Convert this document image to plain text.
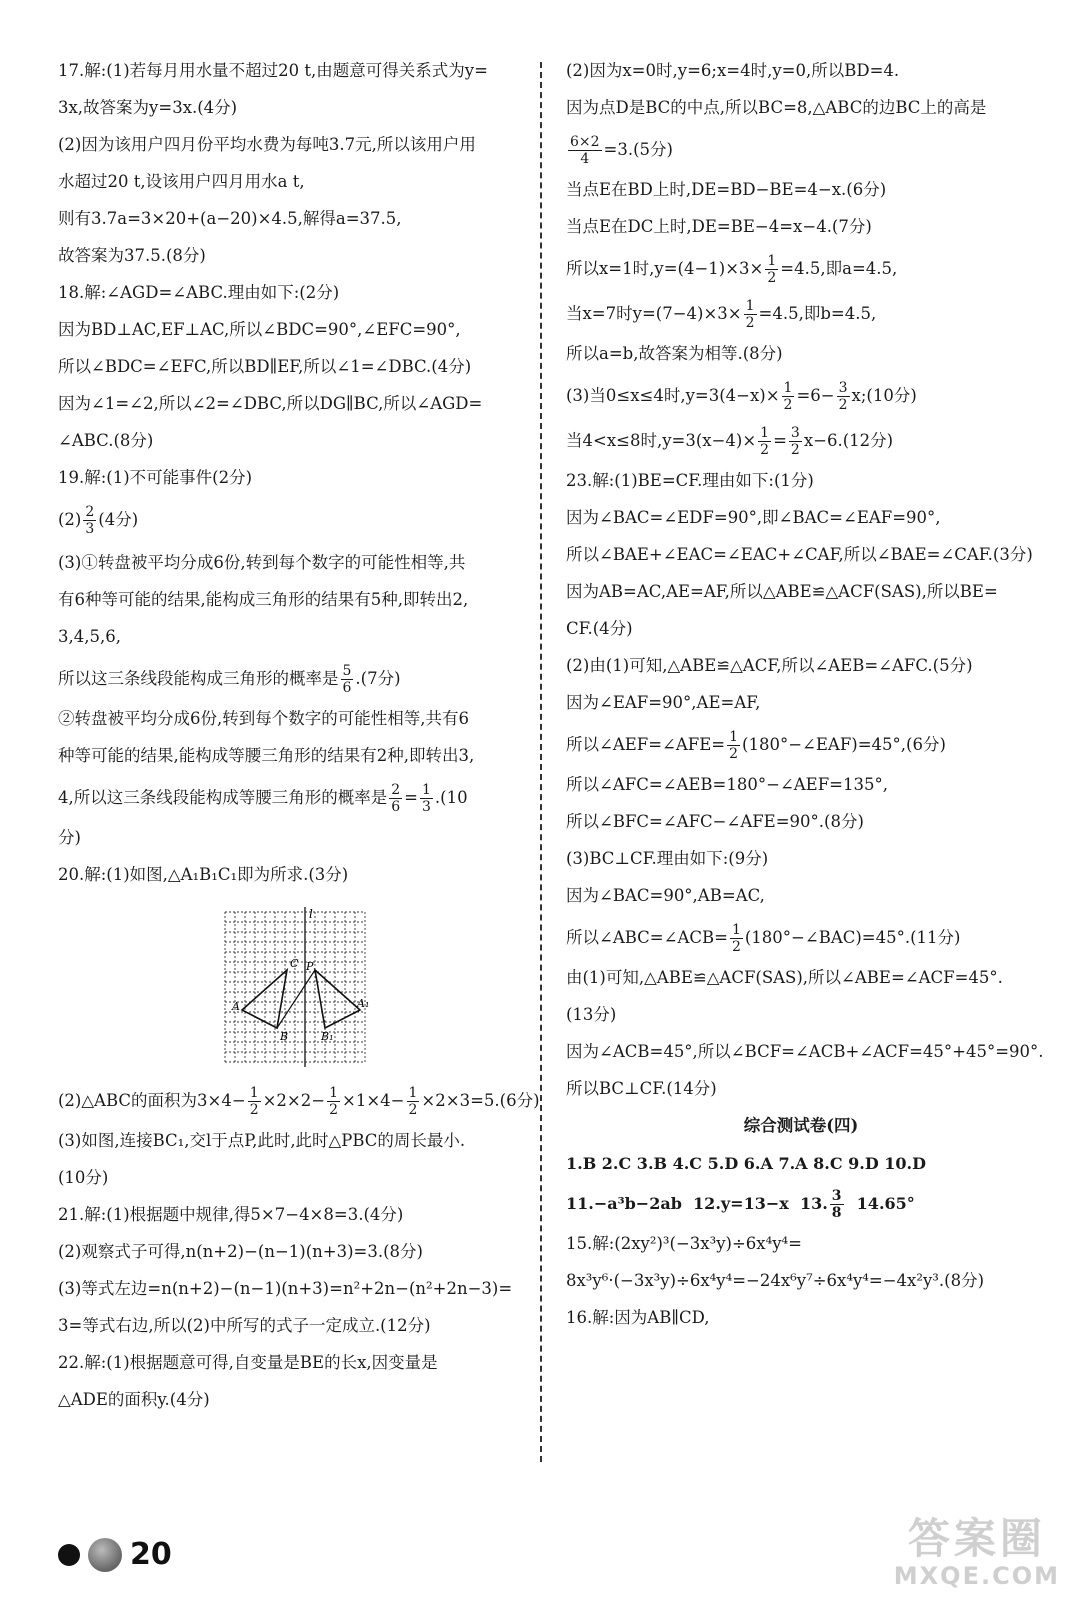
17.解:(1)若每月用水量不超过20 t,由题意可得关系式为y=
3x,故答案为y=3x.(4分)
(2)因为该用户四月份平均水费为每吨3.7元,所以该用户用
水超过20 t,设该用户四月用水a t,
则有3.7a=3×20+(a−20)×4.5,解得a=37.5,
故答案为37.5.(8分)
18.解:∠AGD=∠ABC.理由如下:(2分)
因为BD⊥AC,EF⊥AC,所以∠BDC=90°,∠EFC=90°,
所以∠BDC=∠EFC,所以BD∥EF,所以∠1=∠DBC.(4分)
因为∠1=∠2,所以∠2=∠DBC,所以DG∥BC,所以∠AGD=
∠ABC.(8分)
19.解:(1)不可能事件(2分)
$(2) \frac{2}{3} (4$分)
(3)①转盘被平均分成6份,转到每个数字的可能性相等,共
有6种等可能的结果,能构成三角形的结果有5种,即转出2,
3,4,5,6,
所以这三条线段能构成三角形的概率是 $\frac{5}{6} .(7$分)
②转盘被平均分成6份,转到每个数字的可能性相等,共有6
种等可能的结果,能构成等腰三角形的结果有2种,即转出3,
4,所以这三条线段能构成等腰三角形的概率是 $\frac{2}{6} = \frac{1}{3} .(10$
分)
20.解:(1)如图,△A₁B₁C₁即为所求.(3分)
l
C P
A
B	B₁
A₁
(2)△ABC的面积为$3\times 4- \frac{1}{2} \times 2\times 2- \frac{1}{2} \times 1\times 4- \frac{1}{2} \times 2\times 3=5.(6$分)
(3)如图,连接BC₁,交l于点P,此时,此时△PBC的周长最小.
(10分)
21.解:(1)根据题中规律,得5×7−4×8=3.(4分)
(2)观察式子可得,n(n+2)−(n−1)(n+3)=3.(8分)
(3)等式左边=n(n+2)−(n−1)(n+3)=n²+2n−(n²+2n−3)=
3=等式右边,所以(2)中所写的式子一定成立.(12分)
22.解:(1)根据题意可得,自变量是BE的长x,因变量是
△ADE的面积y.(4分)
(2)因为x=0时,y=6;x=4时,y=0,所以BD=4.
因为点D是BC的中点,所以BC=8,△ABC的边BC上的高是
$\frac{6\times 2}{4} =3.(5$分)
当点E在BD上时,DE=BD−BE=4−x.(6分)
当点E在DC上时,DE=BE−4=x−4.(7分)
所以x=1时$,y=(4-1)\times 3\times \frac{1}{2} =4.5$,即a=4.5,
当x=7时$y=(7-4)\times 3\times \frac{1}{2} =4.5$,即b=4.5,
所以a=b,故答案为相等.(8分)
(3)当0≤x≤4时$,y=3(4-x)\times \frac{1}{2} =6- \frac{3}{2}$ x;(10分)
当4<x≤8时$,y=3(x-4)\times \frac{1}{2} = \frac{3}{2} x-6.(12$分)
23.解:(1)BE=CF.理由如下:(1分)
因为∠BAC=∠EDF=90°,即∠BAC=∠EAF=90°,
所以∠BAE+∠EAC=∠EAC+∠CAF,所以∠BAE=∠CAF.(3分)
因为AB=AC,AE=AF,所以△ABE≌△ACF(SAS),所以BE=
CF.(4分)
(2)由(1)可知,△ABE≌△ACF,所以∠AEB=∠AFC.(5分)
因为∠EAF=90°,AE=AF,
所以∠AEF=∠AFE= $\frac{1}{2}$ (180°−∠EAF)=45°,(6分)
所以∠AFC=∠AEB=180°−∠AEF=135°,
所以∠BFC=∠AFC−∠AFE=90°.(8分)
(3)BC⊥CF.理由如下:(9分)
因为∠BAC=90°,AB=AC,
所以∠ABC=∠ACB= $\frac{1}{2}$ (180°−∠BAC)=45°.(11分)
由(1)可知,△ABE≌△ACF(SAS),所以∠ABE=∠ACF=45°.
(13分)
因为∠ACB=45°,所以∠BCF=∠ACB+∠ACF=45°+45°=90°.
所以BC⊥CF.(14分)
综合测试卷(四)
1.B 2.C 3.B 4.C 5.D 6.A 7.A 8.C 9.D 10.D
11.−a³b−2ab 12.y=13−x 13. $\frac{3}{8} 14.65^\circ$
15.解:(2xy²)³(−3x³y)÷6x⁴y⁴=
8x³y⁶·(−3x³y)÷6x⁴y⁴=−24x⁶y⁷÷6x⁴y⁴=−4x²y³.(8分)
16.解:因为AB∥CD,
20	答案圈
MXQE.COM
